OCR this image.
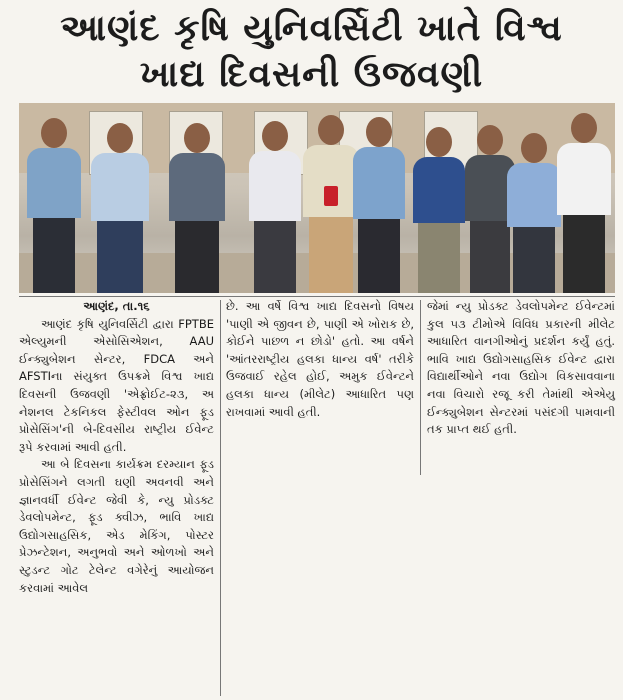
આણંદ કૃષિ યુનિવર્સિટી ખાતે વિશ્વ
ખાદ્ય દિવસની ઉજવણી

આણંદ, તા.૧૬

આણંદ કૃષિ યુનિવર્સિટી દ્વારા FPTBE એલ્યુમની એસોસિએશન, AAU ઈન્ક્યુબેશન સેન્ટર, FDCA અને AFSTIના સંયુક્ત ઉપક્રમે વિશ્વ ખાદ્ય દિવસની ઉજવણી 'એફ્રોઈટ-૨૩, અ નેશનલ ટેકનિકલ ફેસ્ટીવલ ઓન ફૂડ પ્રોસેસિંગ'ની બે-દિવસીય રાષ્ટ્રીય ઈવેન્ટ રૂપે કરવામાં આવી હતી.

આ બે દિવસના કાર્યક્રમ દરમ્યાન ફૂડ પ્રોસેસિંગને લગતી ઘણી અવનવી અને જ્ઞાનવર્ધી ઈવેન્ટ જેવી કે, ન્યુ પ્રોડક્ટ ડેવલોપમેન્ટ, ફૂડ ક્વીઝ, ભાવિ ખાદ્ય ઉદ્યોગસાહસિક, એડ મેકિંગ, પોસ્ટર પ્રેઝન્ટેશન, અનુભવો અને ઓળખો અને સ્ટુડન્ટ ગોટ ટેલેન્ટ વગેરેનું આયોજન કરવામાં આવેલ

છે. આ વર્ષે વિશ્વ ખાદ્ય દિવસનો વિષય 'પાણી એ જીવન છે, પાણી એ ખોરાક છે, કોઈને પાછળ ન છોડો' હતો. આ વર્ષને 'આંતરરાષ્ટ્રીય હલકા ધાન્ય વર્ષ' તરીકે ઉજવાઈ રહેલ હોઈ, અમુક ઈવેન્ટને હલકા ધાન્ય (મીલેટ) આધારિત પણ રાખવામાં આવી હતી.

જેમાં ન્યુ પ્રોડક્ટ ડેવલોપમેન્ટ ઈવેન્ટમાં કુલ ૫૩ ટીમોએ વિવિધ પ્રકારની મીલેટ આધારિત વાનગીઓનું પ્રદર્શન કર્યું હતું. ભાવિ ખાદ્ય ઉદ્યોગસાહસિક ઈવેન્ટ દ્વારા વિદ્યાર્થીઓને નવા ઉદ્યોગ વિકસાવવાના નવા વિચારો રજૂ કરી તેમાંથી એએયુ ઈન્ક્યુબેશન સેન્ટરમાં પસંદગી પામવાની તક પ્રાપ્ત થઈ હતી.
